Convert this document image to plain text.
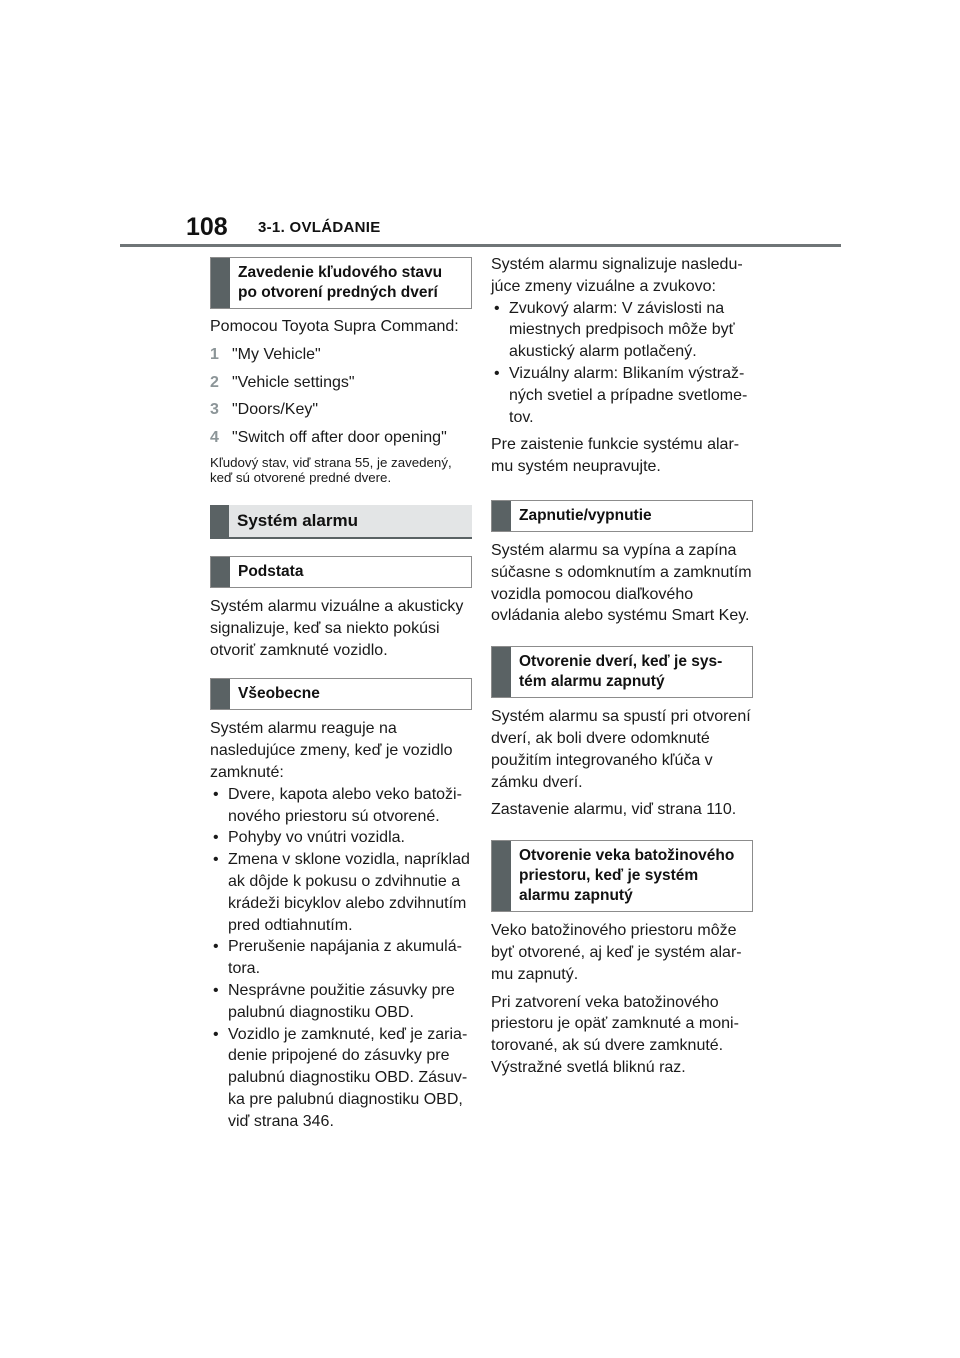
108 3-1. OVLÁDANIE
Zavedenie kľudového stavu po otvorení predných dverí

Pomocou Toyota Supra Command:

1 "My Vehicle"
2 "Vehicle settings"
3 "Doors/Key"
4 "Switch off after door opening"

Kľudový stav, viď strana 55, je zavedený, keď sú otvorené predné dvere.

Systém alarmu
Podstata

Systém alarmu vizuálne a akusticky signalizuje, keď sa niekto pokúsi otvoriť zamknuté vozidlo.

Všeobecne

Systém alarmu reaguje na nasledujúce zmeny, keď je vozidlo zamknuté:

• Dvere, kapota alebo veko batožinového priestoru sú otvorené.
• Pohyby vo vnútri vozidla.
• Zmena v sklone vozidla, napríklad ak dôjde k pokusu o zdvihnutie a krádeži bicyklov alebo zdvihnutím pred odtiahnutím.
• Prerušenie napájania z akumulátora.
• Nesprávne použitie zásuvky pre palubnú diagnostiku OBD.
• Vozidlo je zamknuté, keď je zariadenie pripojené do zásuvky pre palubnú diagnostiku OBD. Zásuvka pre palubnú diagnostiku OBD, viď strana 346.

Systém alarmu signalizuje nasledujúce zmeny vizuálne a zvukovo:

• Zvukový alarm: V závislosti na miestnych predpisoch môže byť akustický alarm potlačený.
• Vizuálny alarm: Blikaním výstražných svetiel a prípadne svetlometov.

Pre zaistenie funkcie systému alarmu systém neupravujte.

Zapnutie/vypnutie

Systém alarmu sa vypína a zapína súčasne s odomknutím a zamknutím vozidla pomocou diaľkového ovládania alebo systému Smart Key.

Otvorenie dverí, keď je systém alarmu zapnutý

Systém alarmu sa spustí pri otvorení dverí, ak boli dvere odomknuté použitím integrovaného kľúča v zámku dverí.

Zastavenie alarmu, viď strana 110.

Otvorenie veka batožinového priestoru, keď je systém alarmu zapnutý

Veko batožinového priestoru môže byť otvorené, aj keď je systém alarmu zapnutý.

Pri zatvorení veka batožinového priestoru je opäť zamknuté a monitorované, ak sú dvere zamknuté. Výstražné svetlá bliknú raz.
